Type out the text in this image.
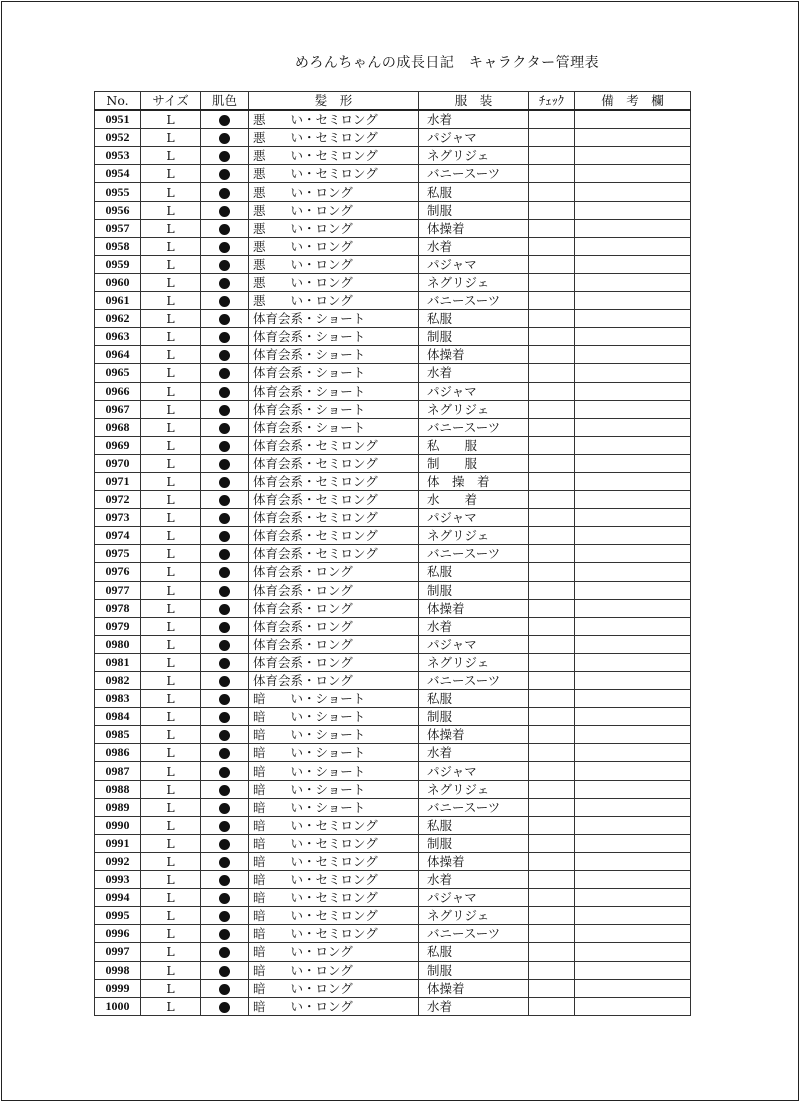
めろんちゃんの成長日記　キャラクター管理表
No.	サイズ	肌色	髪　形	服　装	ﾁｪｯｸ	備　考　欄
0951	L		悪　　い・セミロング	水着		
0952	L		悪　　い・セミロング	パジャマ		
0953	L		悪　　い・セミロング	ネグリジェ		
0954	L		悪　　い・セミロング	バニースーツ		
0955	L		悪　　い・ロング	私服		
0956	L		悪　　い・ロング	制服		
0957	L		悪　　い・ロング	体操着		
0958	L		悪　　い・ロング	水着		
0959	L		悪　　い・ロング	パジャマ		
0960	L		悪　　い・ロング	ネグリジェ		
0961	L		悪　　い・ロング	バニースーツ		
0962	L		体育会系・ショート	私服		
0963	L		体育会系・ショート	制服		
0964	L		体育会系・ショート	体操着		
0965	L		体育会系・ショート	水着		
0966	L		体育会系・ショート	パジャマ		
0967	L		体育会系・ショート	ネグリジェ		
0968	L		体育会系・ショート	バニースーツ		
0969	L		体育会系・セミロング	私　　服		
0970	L		体育会系・セミロング	制　　服		
0971	L		体育会系・セミロング	体　操　着		
0972	L		体育会系・セミロング	水　　着		
0973	L		体育会系・セミロング	パジャマ		
0974	L		体育会系・セミロング	ネグリジェ		
0975	L		体育会系・セミロング	バニースーツ		
0976	L		体育会系・ロング	私服		
0977	L		体育会系・ロング	制服		
0978	L		体育会系・ロング	体操着		
0979	L		体育会系・ロング	水着		
0980	L		体育会系・ロング	パジャマ		
0981	L		体育会系・ロング	ネグリジェ		
0982	L		体育会系・ロング	バニースーツ		
0983	L		暗　　い・ショート	私服		
0984	L		暗　　い・ショート	制服		
0985	L		暗　　い・ショート	体操着		
0986	L		暗　　い・ショート	水着		
0987	L		暗　　い・ショート	パジャマ		
0988	L		暗　　い・ショート	ネグリジェ		
0989	L		暗　　い・ショート	バニースーツ		
0990	L		暗　　い・セミロング	私服		
0991	L		暗　　い・セミロング	制服		
0992	L		暗　　い・セミロング	体操着		
0993	L		暗　　い・セミロング	水着		
0994	L		暗　　い・セミロング	パジャマ		
0995	L		暗　　い・セミロング	ネグリジェ		
0996	L		暗　　い・セミロング	バニースーツ		
0997	L		暗　　い・ロング	私服		
0998	L		暗　　い・ロング	制服		
0999	L		暗　　い・ロング	体操着		
1000	L		暗　　い・ロング	水着		
